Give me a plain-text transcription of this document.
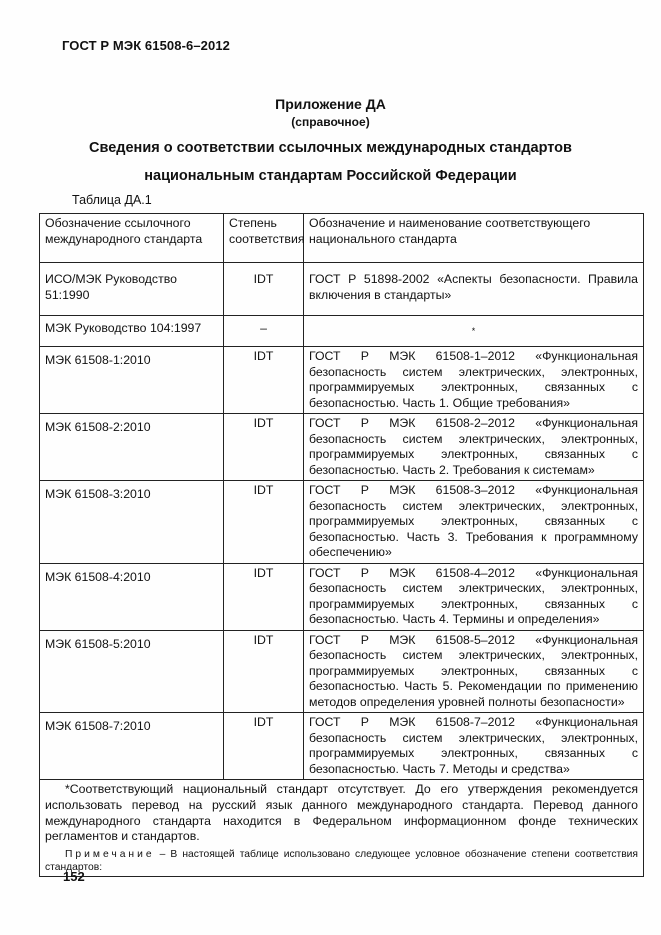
ГОСТ Р МЭК 61508-6–2012
Приложение ДА
(справочное)
Сведения о соответствии ссылочных международных стандартов
национальным стандартам Российской Федерации
Таблица ДА.1
Обозначение ссылочного международного стандарта	Степень соответствия	Обозначение и наименование соответствующего национального стандарта
ИСО/МЭК Руководство 51:1990	IDT	ГОСТ Р 51898-2002 «Аспекты безопасности. Правила включения в стандарты»
МЭК Руководство 104:1997	–	*
МЭК 61508-1:2010	IDT	ГОСТ Р МЭК 61508-1–2012 «Функциональная безопасность систем электрических, электронных, программируемых электронных, связанных с безопасностью. Часть 1. Общие требования»
МЭК 61508-2:2010	IDT	ГОСТ Р МЭК 61508-2–2012 «Функциональная безопасность систем электрических, электронных, программируемых электронных, связанных с безопасностью. Часть 2. Требования к системам»
МЭК 61508-3:2010	IDT	ГОСТ Р МЭК 61508-3–2012 «Функциональная безопасность систем электрических, электронных, программируемых электронных, связанных с безопасностью. Часть 3. Требования к программному обеспечению»
МЭК 61508-4:2010	IDT	ГОСТ Р МЭК 61508-4–2012 «Функциональная безопасность систем электрических, электронных, программируемых электронных, связанных с безопасностью. Часть 4. Термины и определения»
МЭК 61508-5:2010	IDT	ГОСТ Р МЭК 61508-5–2012 «Функциональная безопасность систем электрических, электронных, программируемых электронных, связанных с безопасностью. Часть 5. Рекомендации по применению методов определения уровней полноты безопасности»
МЭК 61508-7:2010	IDT	ГОСТ Р МЭК 61508-7–2012 «Функциональная безопасность систем электрических, электронных, программируемых электронных, связанных с безопасностью. Часть 7. Методы и средства»

*Соответствующий национальный стандарт отсутствует. До его утверждения рекомендуется использовать перевод на русский язык данного международного стандарта. Перевод данного международного стандарта находится в Федеральном информационном фонде технических регламентов и стандартов.
Примечание – В настоящей таблице использовано следующее условное обозначение степени соответствия стандартов:		
152
